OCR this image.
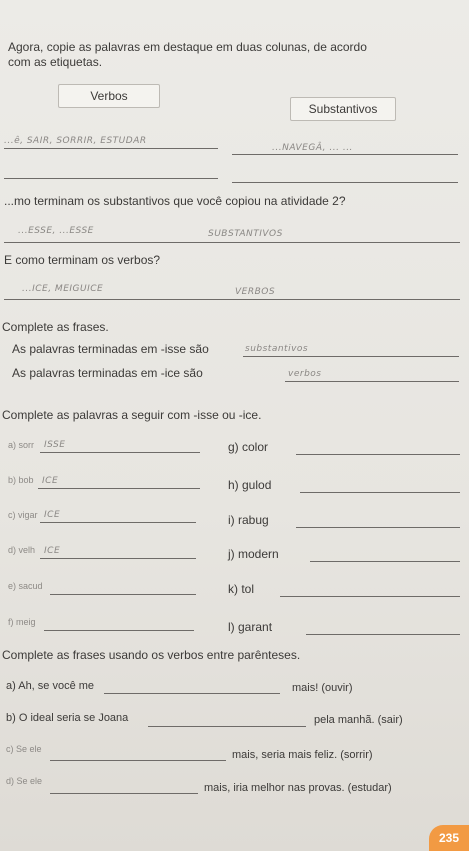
Agora, copie as palavras em destaque em duas colunas, de acordo
com as etiquetas.
Verbos
Substantivos
...ê, SAIR, SORRIR, ESTUDAR
...NAVEGÂ, ... ...
...mo terminam os substantivos que você copiou na atividade 2?
...ESSE, ...ESSE	SUBSTANTIVOS
E como terminam os verbos?
...ICE, MEIGUICE	VERBOS
Complete as frases.
As palavras terminadas em -isse são	substantivos
As palavras terminadas em -ice são	verbos
Complete as palavras a seguir com -isse ou -ice.
a) sorr ISSE
b) bob ICE
c) vigar ICE
d) velh ICE
e) sacud
f) meig
g) color
h) gulod
i) rabug
j) modern
k) tol
l) garant
Complete as frases usando os verbos entre parênteses.
a) Ah, se você me	mais! (ouvir)
b) O ideal seria se Joana	pela manhã. (sair)
c) Se ele	mais, seria mais feliz. (sorrir)
d) Se ele
mais, iria melhor nas provas. (estudar)
235
